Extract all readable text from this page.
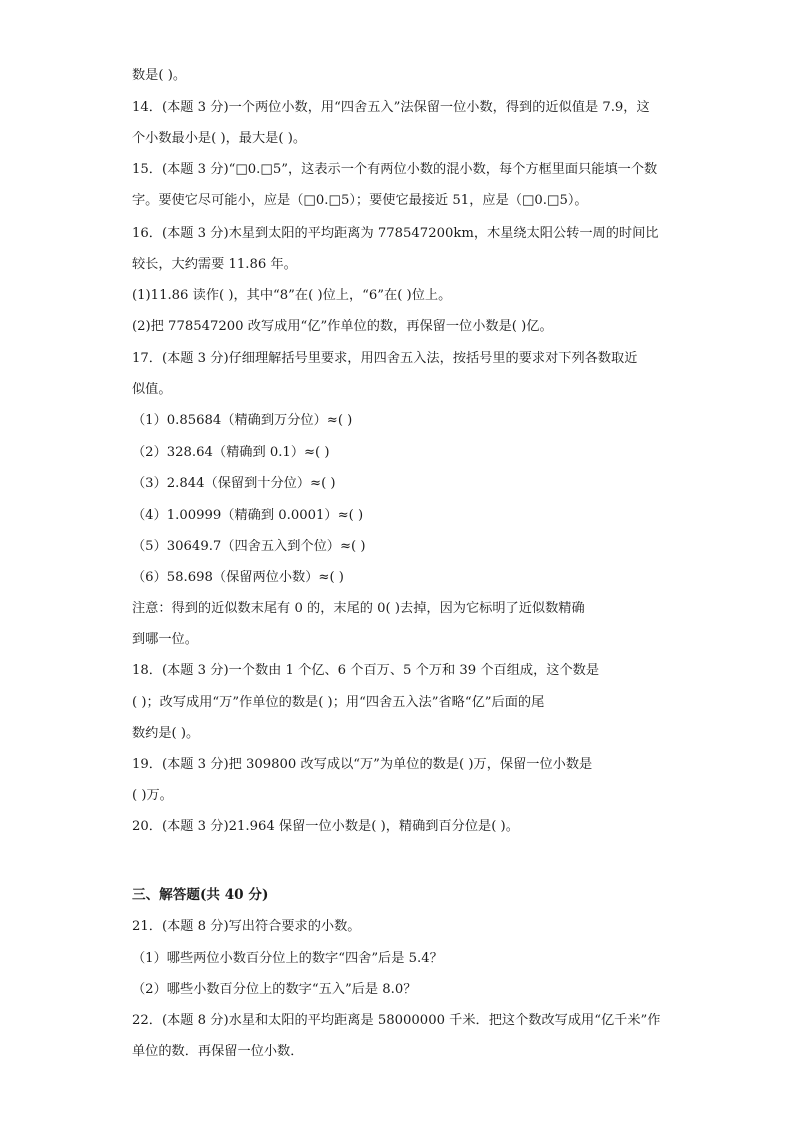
数是( )。
14．(本题 3 分)一个两位小数，用“四舍五入”法保留一位小数，得到的近似值是 7.9，这
个小数最小是( )，最大是( )。
15．(本题 3 分)“□0.□5”，这表示一个有两位小数的混小数，每个方框里面只能填一个数
字。要使它尽可能小，应是（□0.□5）；要使它最接近 51，应是（□0.□5）。
16．(本题 3 分)木星到太阳的平均距离为 778547200km，木星绕太阳公转一周的时间比
较长，大约需要 11.86 年。
(1)11.86 读作( )，其中“8”在( )位上，“6”在( )位上。
(2)把 778547200 改写成用“亿”作单位的数，再保留一位小数是( )亿。
17．(本题 3 分)仔细理解括号里要求，用四舍五入法，按括号里的要求对下列各数取近
似值。
（1）0.85684（精确到万分位）≈( )
（2）328.64（精确到 0.1）≈( )
（3）2.844（保留到十分位）≈( )
（4）1.00999（精确到 0.0001）≈( )
（5）30649.7（四舍五入到个位）≈( )
（6）58.698（保留两位小数）≈( )
注意：得到的近似数末尾有 0 的，末尾的 0( )去掉，因为它标明了近似数精确
到哪一位。
18．(本题 3 分)一个数由 1 个亿、6 个百万、5 个万和 39 个百组成，这个数是
( )；改写成用“万”作单位的数是( )；用“四舍五入法”省略“亿”后面的尾
数约是( )。
19．(本题 3 分)把 309800 改写成以“万”为单位的数是( )万，保留一位小数是
( )万。
20．(本题 3 分)21.964 保留一位小数是( )，精确到百分位是( )。
三、解答题(共 40 分)
21．(本题 8 分)写出符合要求的小数。
（1）哪些两位小数百分位上的数字“四舍”后是 5.4？
（2）哪些小数百分位上的数字“五入”后是 8.0？
22．(本题 8 分)水星和太阳的平均距离是 58000000 千米．把这个数改写成用“亿千米”作
单位的数．再保留一位小数．
